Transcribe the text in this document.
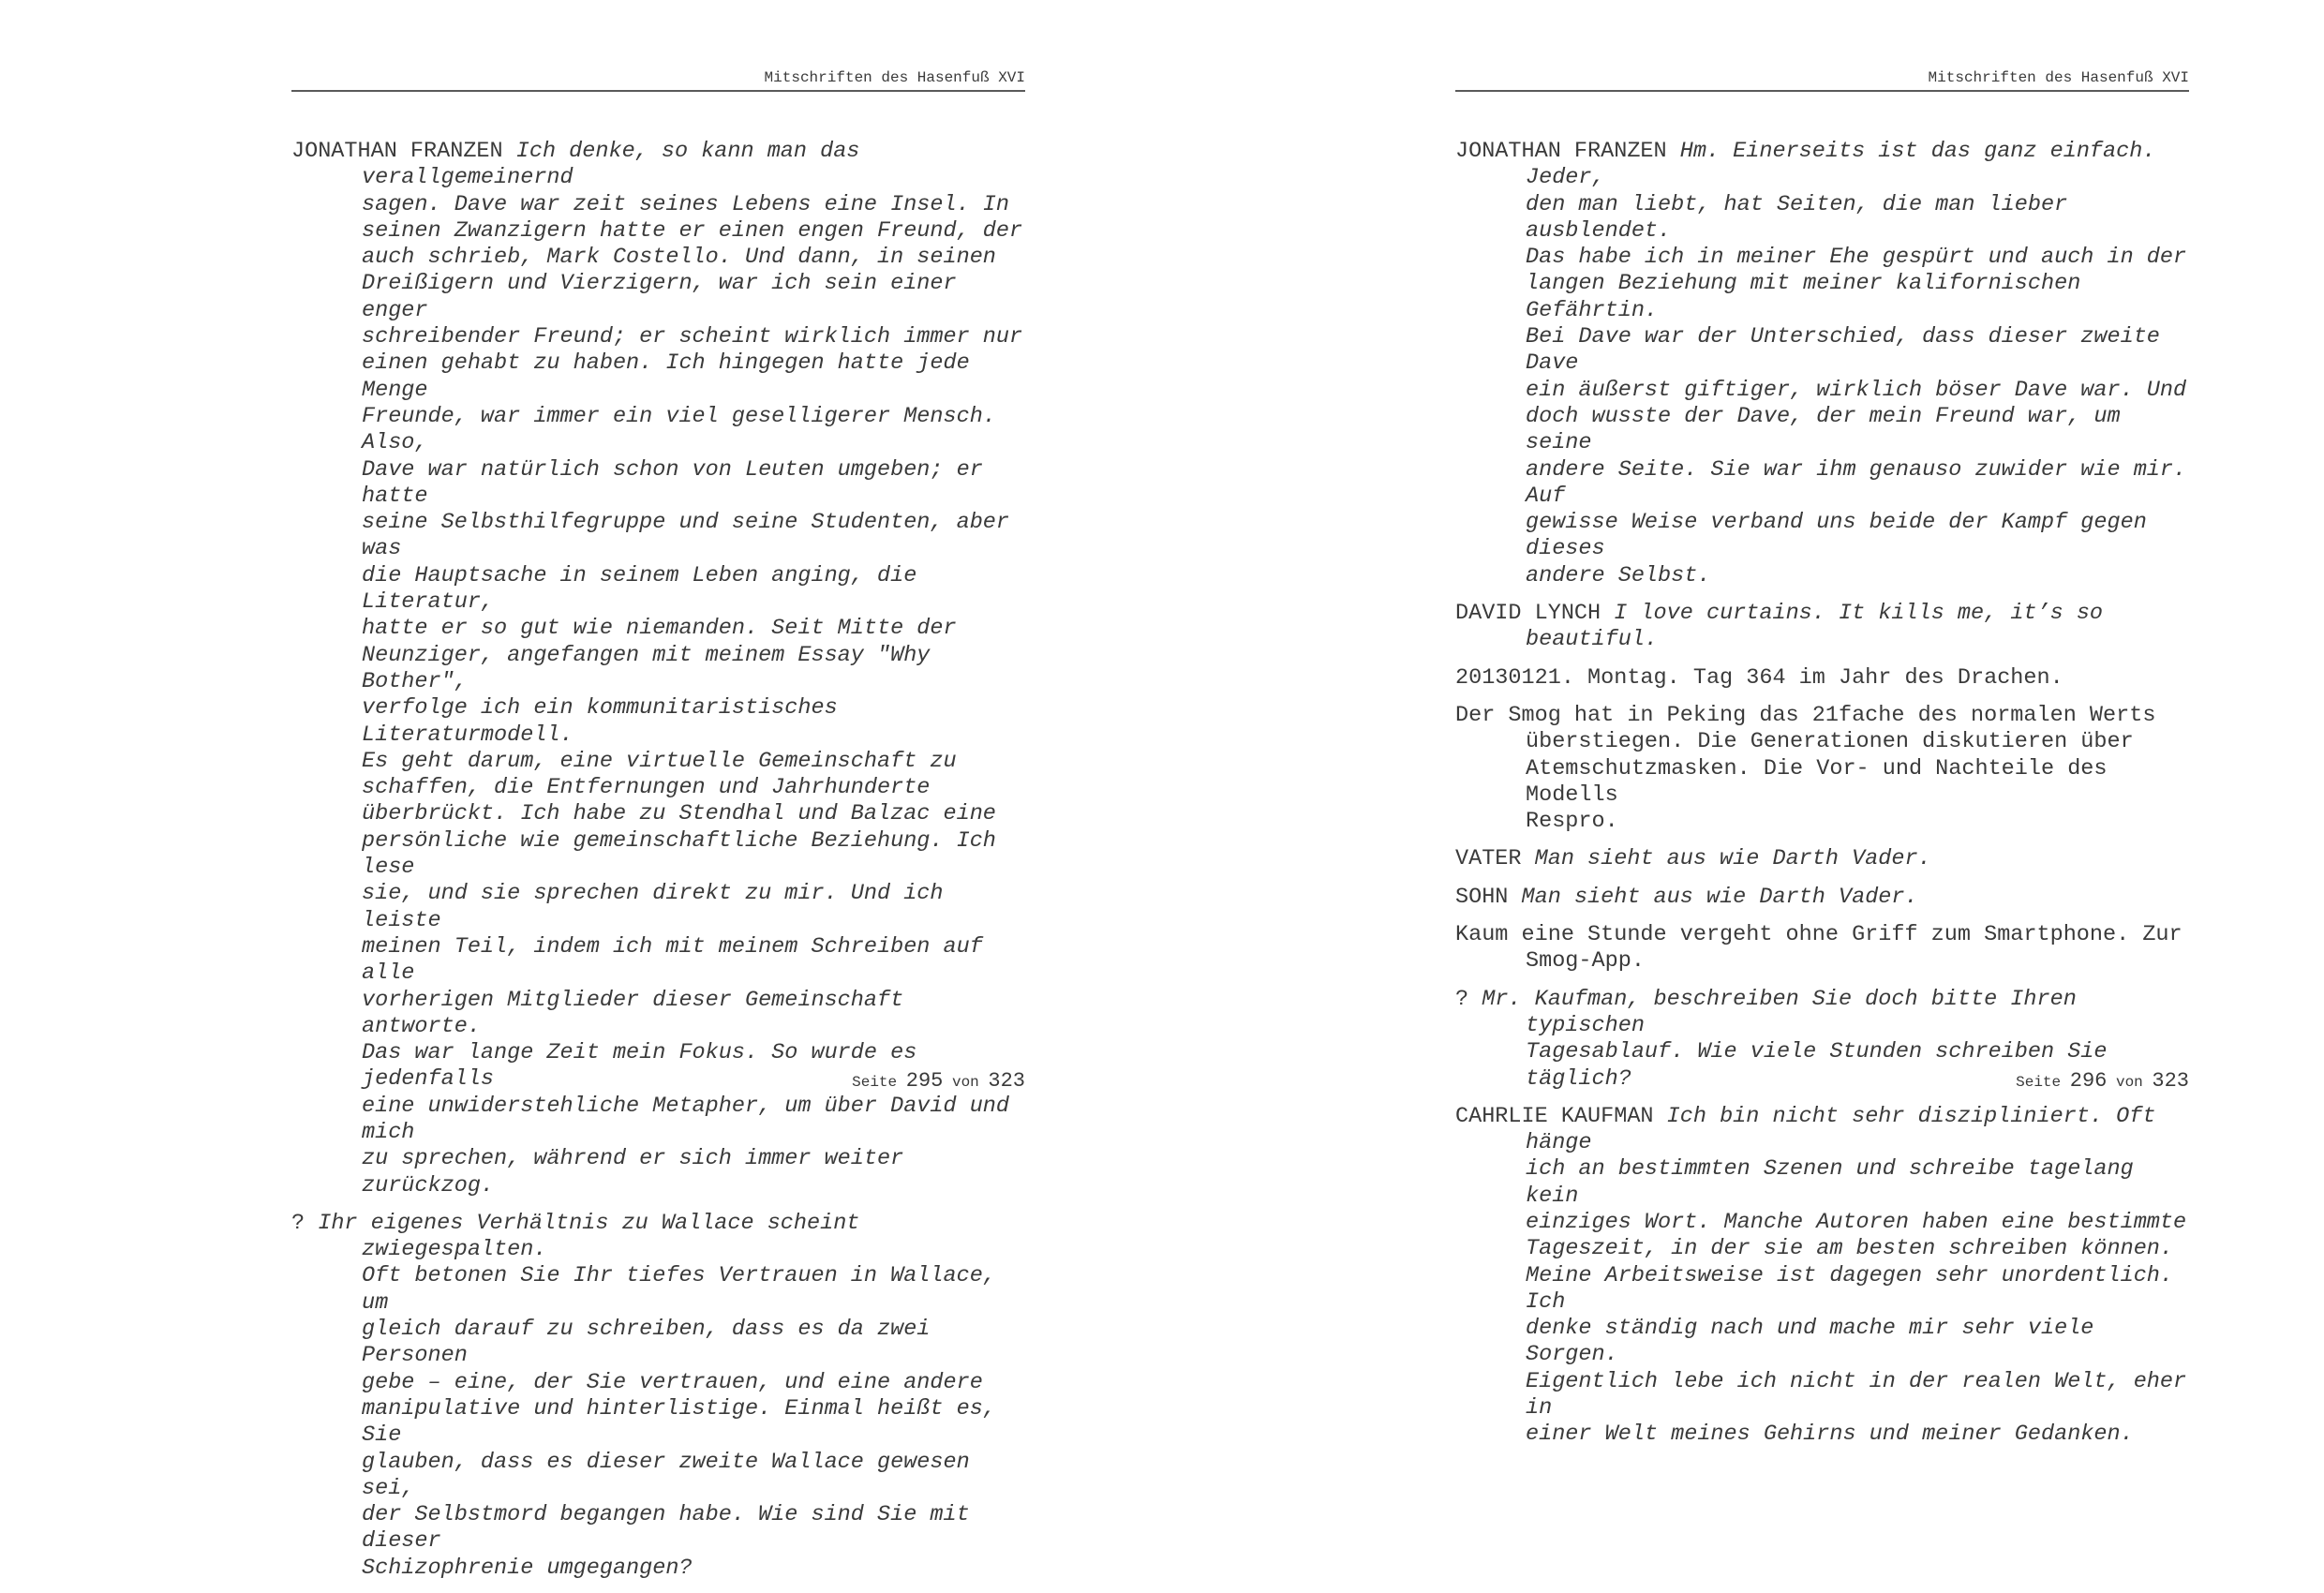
Mitschriften des Hasenfuß XVI
JONATHAN FRANZEN Ich denke, so kann man das verallgemeinernd
sagen. Dave war zeit seines Lebens eine Insel. In
seinen Zwanzigern hatte er einen engen Freund, der
auch schrieb, Mark Costello. Und dann, in seinen
Dreißigern und Vierzigern, war ich sein einer enger
schreibender Freund; er scheint wirklich immer nur
einen gehabt zu haben. Ich hingegen hatte jede Menge
Freunde, war immer ein viel geselligerer Mensch. Also,
Dave war natürlich schon von Leuten umgeben; er hatte
seine Selbsthilfegruppe und seine Studenten, aber was
die Hauptsache in seinem Leben anging, die Literatur,
hatte er so gut wie niemanden. Seit Mitte der
Neunziger, angefangen mit meinem Essay "Why Bother",
verfolge ich ein kommunitaristisches Literaturmodell.
Es geht darum, eine virtuelle Gemeinschaft zu
schaffen, die Entfernungen und Jahrhunderte
überbrückt. Ich habe zu Stendhal und Balzac eine
persönliche wie gemeinschaftliche Beziehung. Ich lese
sie, und sie sprechen direkt zu mir. Und ich leiste
meinen Teil, indem ich mit meinem Schreiben auf alle
vorherigen Mitglieder dieser Gemeinschaft antworte.
Das war lange Zeit mein Fokus. So wurde es jedenfalls
eine unwiderstehliche Metapher, um über David und mich
zu sprechen, während er sich immer weiter zurückzog.
? Ihr eigenes Verhältnis zu Wallace scheint zwiegespalten.
Oft betonen Sie Ihr tiefes Vertrauen in Wallace, um
gleich darauf zu schreiben, dass es da zwei Personen
gebe – eine, der Sie vertrauen, und eine andere
manipulative und hinterlistige. Einmal heißt es, Sie
glauben, dass es dieser zweite Wallace gewesen sei,
der Selbstmord begangen habe. Wie sind Sie mit dieser
Schizophrenie umgegangen?
Seite 295 von 323
Mitschriften des Hasenfuß XVI
JONATHAN FRANZEN Hm. Einerseits ist das ganz einfach. Jeder,
den man liebt, hat Seiten, die man lieber ausblendet.
Das habe ich in meiner Ehe gespürt und auch in der
langen Beziehung mit meiner kalifornischen Gefährtin.
Bei Dave war der Unterschied, dass dieser zweite Dave
ein äußerst giftiger, wirklich böser Dave war. Und
doch wusste der Dave, der mein Freund war, um seine
andere Seite. Sie war ihm genauso zuwider wie mir. Auf
gewisse Weise verband uns beide der Kampf gegen dieses
andere Selbst.
DAVID LYNCH I love curtains. It kills me, it’s so beautiful.
20130121. Montag. Tag 364 im Jahr des Drachen.
Der Smog hat in Peking das 21fache des normalen Werts
überstiegen. Die Generationen diskutieren über
Atemschutzmasken. Die Vor- und Nachteile des Modells
Respro.
VATER Man sieht aus wie Darth Vader.
SOHN Man sieht aus wie Darth Vader.
Kaum eine Stunde vergeht ohne Griff zum Smartphone. Zur
Smog-App.
? Mr. Kaufman, beschreiben Sie doch bitte Ihren typischen
Tagesablauf. Wie viele Stunden schreiben Sie täglich?
CAHRLIE KAUFMAN Ich bin nicht sehr diszipliniert. Oft hänge
ich an bestimmten Szenen und schreibe tagelang kein
einziges Wort. Manche Autoren haben eine bestimmte
Tageszeit, in der sie am besten schreiben können.
Meine Arbeitsweise ist dagegen sehr unordentlich. Ich
denke ständig nach und mache mir sehr viele Sorgen.
Eigentlich lebe ich nicht in der realen Welt, eher in
einer Welt meines Gehirns und meiner Gedanken.
Seite 296 von 323
